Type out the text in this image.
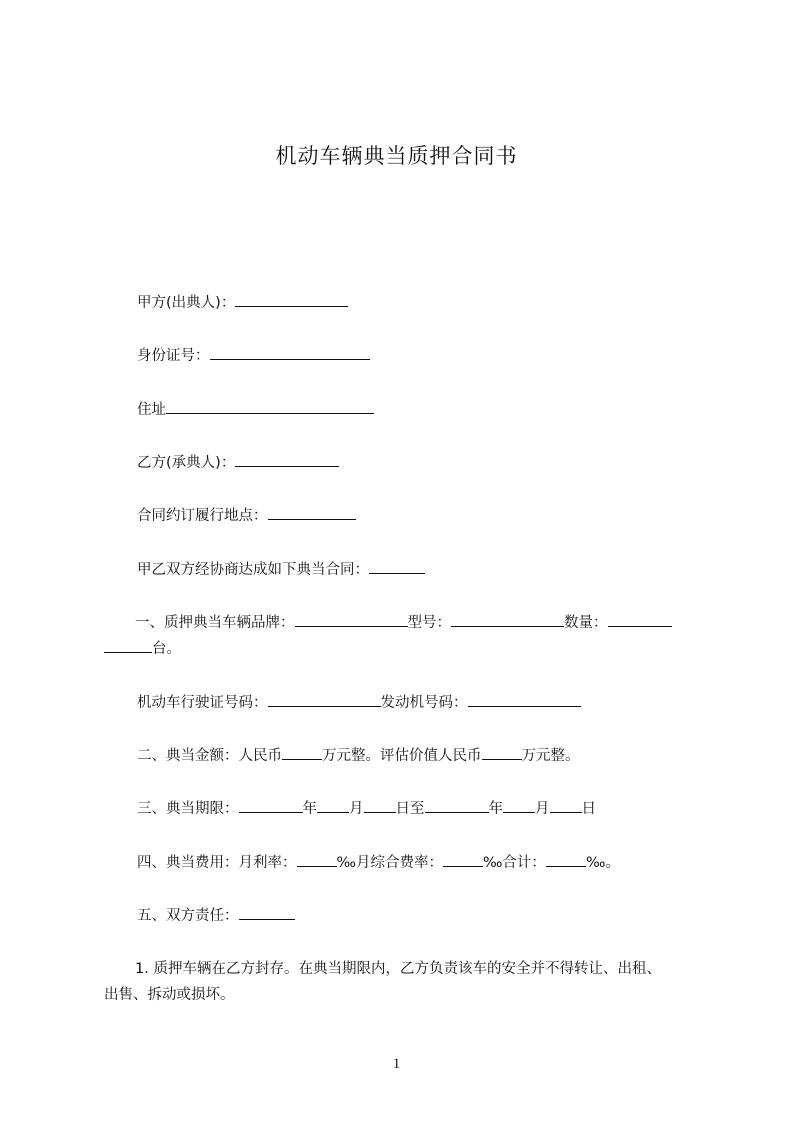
机动车辆典当质押合同书
甲方(出典人)：
身份证号：
住址
乙方(承典人)：
合同约订履行地点：
甲乙双方经协商达成如下典当合同：
一、质押典当车辆品牌：	型号：	数量：
台。
机动车行驶证号码：	发动机号码：
二、典当金额：人民币	万元整。评估价值人民币	万元整。
三、典当期限：	年 月 日至	年 月 日
四、典当费用：月利率：	‰月综合费率：	‰合计：	‰。
五、双方责任：
1. 质押车辆在乙方封存。在典当期限内，乙方负责该车的安全并不得转让、出租、
出售、拆动或损坏。
1
